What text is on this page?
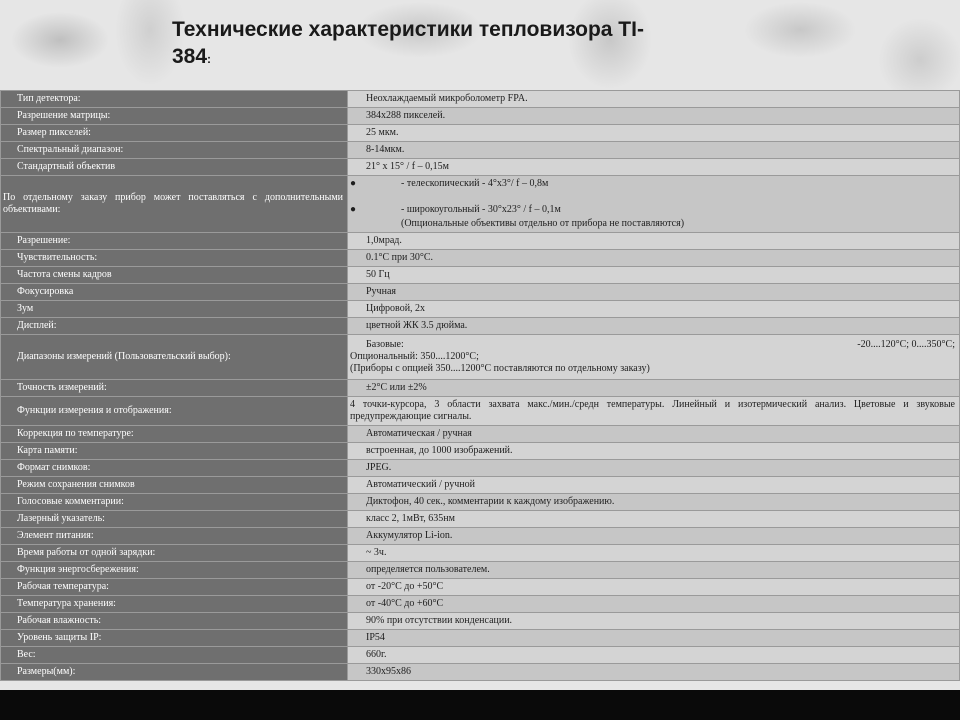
Технические характеристики тепловизора TI-
384:
Тип детектора:	Неохлаждаемый микроболометр FPA.
Разрешение матрицы:	384x288 пикселей.
Размер пикселей:	25 мкм.
Спектральный диапазон:	8-14мкм.
Стандартный объектив	21° x 15° / f – 0,15м
По отдельному заказу прибор может поставляться с дополнительными объективами:	● - телескопический - 4°x3°/ f – 0,8м
● - широкоугольный - 30°x23° / f – 0,1м
(Опциональные объективы отдельно от прибора не поставляются)

Разрешение:	1,0мрад.
Чувствительность:	0.1°C при 30°C.
Частота смены кадров	50 Гц
Фокусировка	Ручная
Зум	Цифровой, 2x
Дисплей:	цветной ЖК 3.5 дюйма.
Диапазоны измерений (Пользовательский выбор):	Базовые: -20....120°C; 0....350°C;
Опциональный: 350....1200°C;
(Приборы с опцией 350....1200°C поставляются по отдельному заказу)

Точность измерений:	±2°C или ±2%
Функции измерения и отображения:	4 точки-курсора, 3 области захвата макс./мин./средн температуры. Линейный и изотермический анализ. Цветовые и звуковые предупреждающие сигналы.
Коррекция по температуре:	Автоматическая / ручная
Карта памяти:	встроенная, до 1000 изображений.
Формат снимков:	JPEG.
Режим сохранения снимков	Автоматический / ручной
Голосовые комментарии:	Диктофон, 40 сек., комментарии к каждому изображению.
Лазерный указатель:	класс 2, 1мВт, 635нм
Элемент питания:	Аккумулятор Li-ion.
Время работы от одной зарядки:	~ 3ч.
Функция энергосбережения:	определяется пользователем.
Рабочая температура:	от -20°C до +50°C
Температура хранения:	от -40°C до +60°C
Рабочая влажность:	90% при отсутствии конденсации.
Уровень защиты IP:	IP54
Вес:	660г.
Размеры(мм):	330x95x86
